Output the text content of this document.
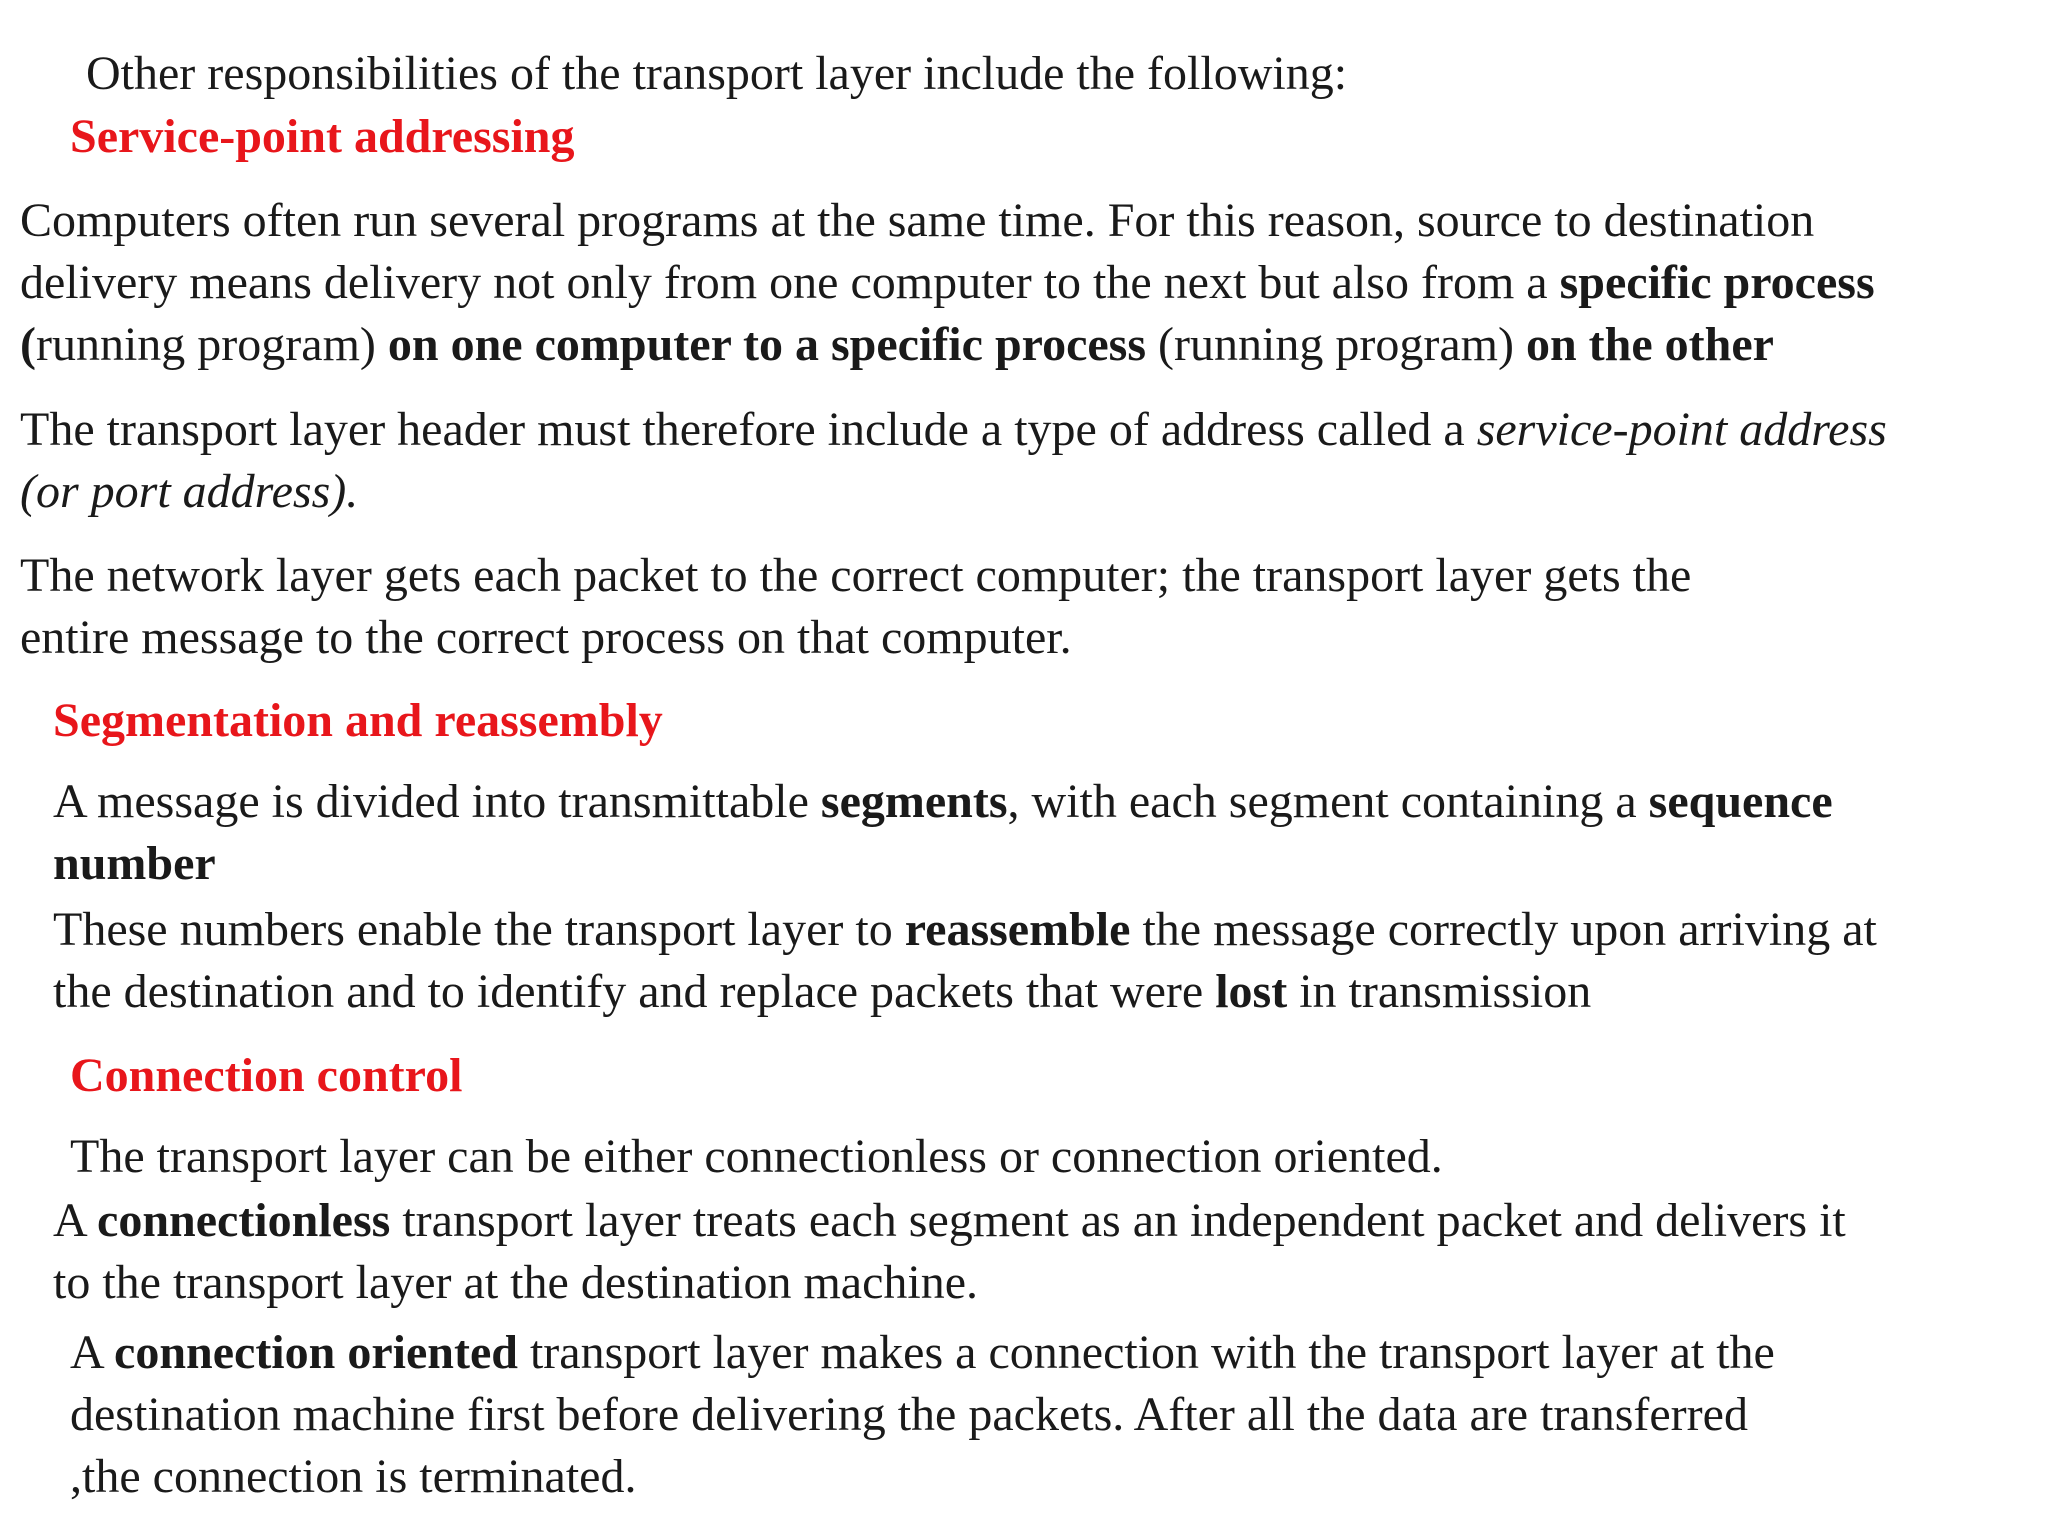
Other responsibilities of the transport layer include the following:

Service-point addressing

Computers often run several programs at the same time. For this reason, source to destination

delivery means delivery not only from one computer to the next but also from a specific process

(running program) on one computer to a specific process (running program) on the other

The transport layer header must therefore include a type of address called a service-point address

(or port address).

The network layer gets each packet to the correct computer; the transport layer gets the

entire message to the correct process on that computer.

Segmentation and reassembly

A message is divided into transmittable segments, with each segment containing a sequence

number

These numbers enable the transport layer to reassemble the message correctly upon arriving at

the destination and to identify and replace packets that were lost in transmission

Connection control

The transport layer can be either connectionless or connection oriented.

A connectionless transport layer treats each segment as an independent packet and delivers it

to the transport layer at the destination machine.

A connection oriented transport layer makes a connection with the transport layer at the

destination machine first before delivering the packets. After all the data are transferred

,the connection is terminated.
